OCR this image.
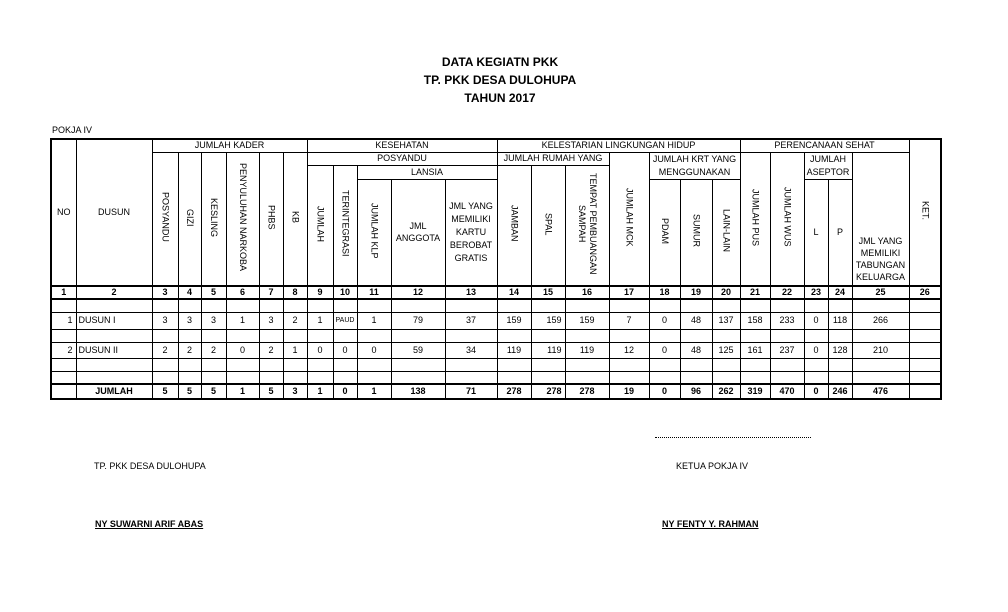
DATA KEGIATN PKK
TP. PKK DESA DULOHUPA
TAHUN 2017
POKJA IV
NO	DUSUN	JUMLAH KADER						KESEHATAN					KELESTARIAN LINGKUNGAN HIDUP							PERENCANAAN SEHAT					KET.
		POSYANDU	GIZI	KESLING	PENYULUHAN NARKOBA	PHBS	KB	POSYANDU					JUMLAH RUMAH YANG			JUMLAH MCK	JUMLAH KRT YANG MENGGUNAKAN			JUMLAH PUS	JUMLAH WUS	JUMLAH ASEPTOR		JML YANG MEMILIKI TABUNGAN KELUARGA	
								JUMLAH	TERINTEGRASI	LANSIA			JAMBAN	SPAL	TEMPAT PEMBUANGAN SAMPAH										
										JUMLAH KLP	JML ANGGOTA	JML YANG MEMILIKI KARTU BEROBAT GRATIS					PDAM	SUMUR	LAIN-LAIN			L	P		
1	2	3	4	5	6	7	8	9	10	11	12	13	14	15	16	17	18	19	20	21	22	23	24	25	26

1	DUSUN I	3	3	3	1	3	2	1	PAUD	1	79	37	159	159	159	7	0	48	137	158	233	0	118	266	

2	DUSUN II	2	2	2	0	2	1	0	0	0	59	34	119	119	119	12	0	48	125	161	237	0	128	210	

	JUMLAH	5	5	5	1	5	3	1	0	1	138	71	278	278	278	19	0	96	262	319	470	0	246	476	
TP. PKK DESA DULOHUPA
NY SUWARNI ARIF ABAS
KETUA POKJA IV
NY FENTY Y. RAHMAN
